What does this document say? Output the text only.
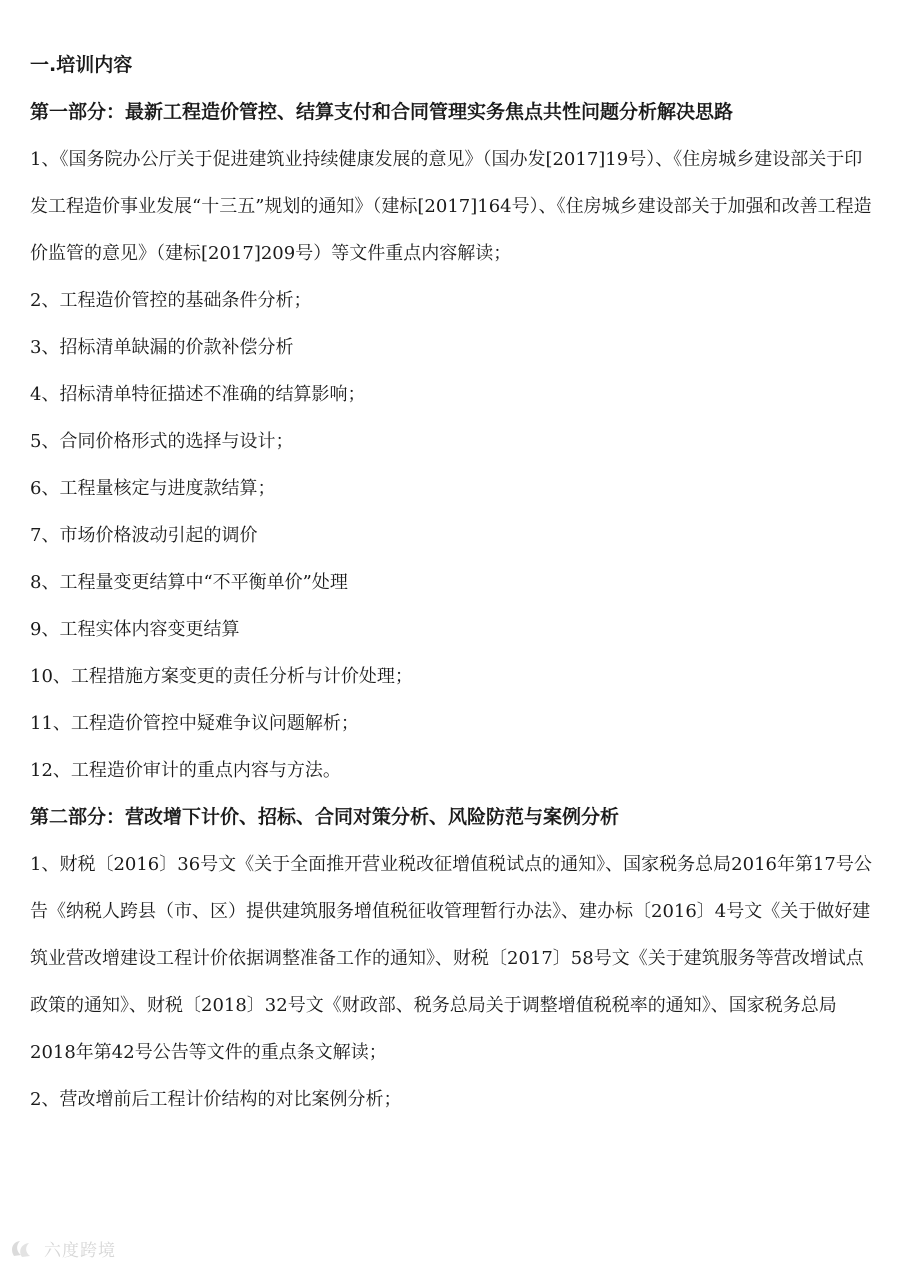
一.培训内容

第一部分：最新工程造价管控、结算支付和合同管理实务焦点共性问题分析解决思路

1、《国务院办公厅关于促进建筑业持续健康发展的意见》（国办发[2017]19号）、《住房城乡建设部关于印发工程造价事业发展“十三五”规划的通知》（建标[2017]164号）、《住房城乡建设部关于加强和改善工程造价监管的意见》（建标[2017]209号）等文件重点内容解读；

2、工程造价管控的基础条件分析；

3、招标清单缺漏的价款补偿分析

4、招标清单特征描述不准确的结算影响；

5、合同价格形式的选择与设计；

6、工程量核定与进度款结算；

7、市场价格波动引起的调价

8、工程量变更结算中“不平衡单价”处理

9、工程实体内容变更结算

10、工程措施方案变更的责任分析与计价处理；

11、工程造价管控中疑难争议问题解析；

12、工程造价审计的重点内容与方法。

第二部分：营改增下计价、招标、合同对策分析、风险防范与案例分析

1、财税〔2016〕36号文《关于全面推开营业税改征增值税试点的通知》、国家税务总局2016年第17号公告《纳税人跨县（市、区）提供建筑服务增值税征收管理暂行办法》、建办标〔2016〕4号文《关于做好建筑业营改增建设工程计价依据调整准备工作的通知》、财税〔2017〕58号文《关于建筑服务等营改增试点政策的通知》、财税〔2018〕32号文《财政部、税务总局关于调整增值税税率的通知》、国家税务总局2018年第42号公告等文件的重点条文解读；

2、营改增前后工程计价结构的对比案例分析；

六度跨境
